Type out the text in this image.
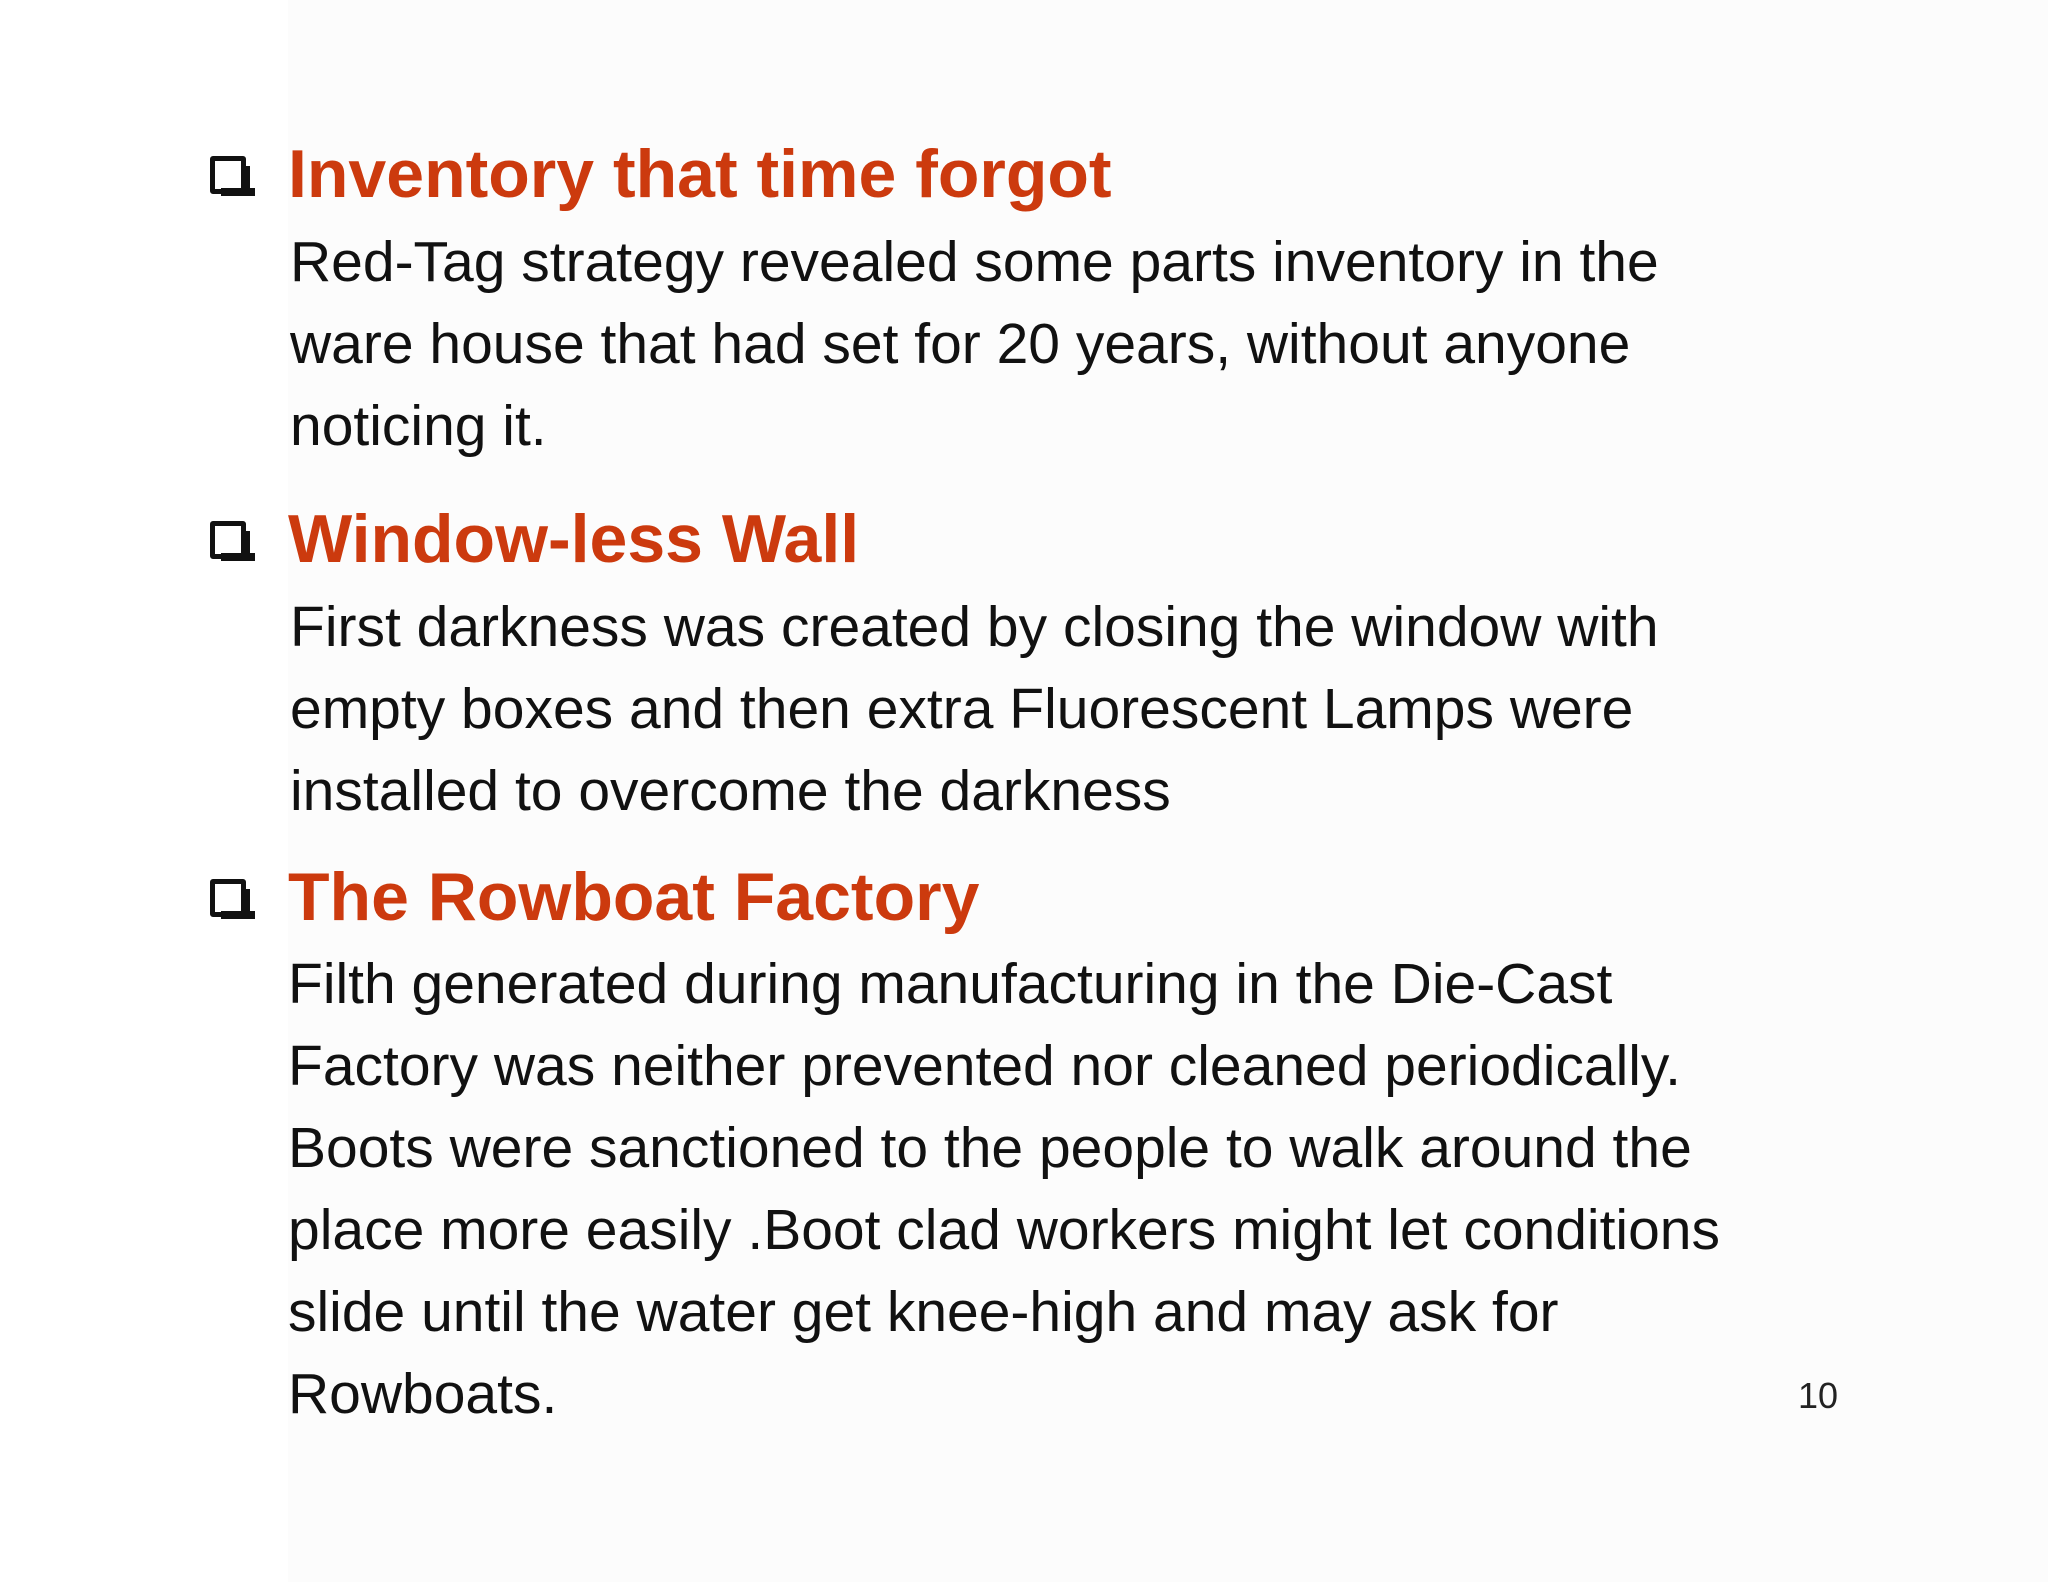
Inventory that time forgot
Red-Tag strategy revealed some parts inventory in the
ware house that had set for 20 years, without anyone
noticing it.
Window-less Wall
First darkness was created by closing the window with
empty boxes and then extra Fluorescent Lamps were
installed to overcome the darkness
The Rowboat Factory
Filth generated during manufacturing in the Die-Cast
Factory was neither prevented nor cleaned periodically.
Boots were sanctioned to the people to walk around the
place more easily .Boot clad workers might let conditions
slide until the water get knee-high and may ask for
Rowboats.	10
